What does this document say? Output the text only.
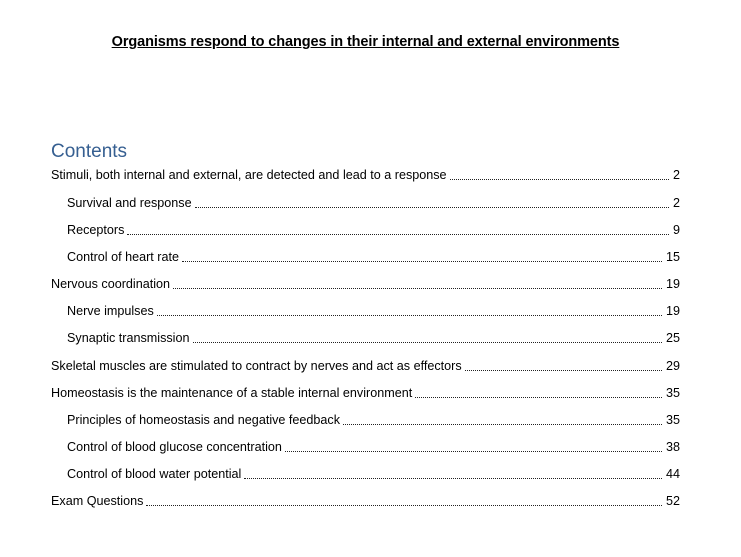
Organisms respond to changes in their internal and external environments
Contents
Stimuli, both internal and external, are detected and lead to a response	2
Survival and response	2
Receptors	9
Control of heart rate	15
Nervous coordination	19
Nerve impulses	19
Synaptic transmission	25
Skeletal muscles are stimulated to contract by nerves and act as effectors	29
Homeostasis is the maintenance of a stable internal environment	35
Principles of homeostasis and negative feedback	35
Control of blood glucose concentration	38
Control of blood water potential	44
Exam Questions	52
